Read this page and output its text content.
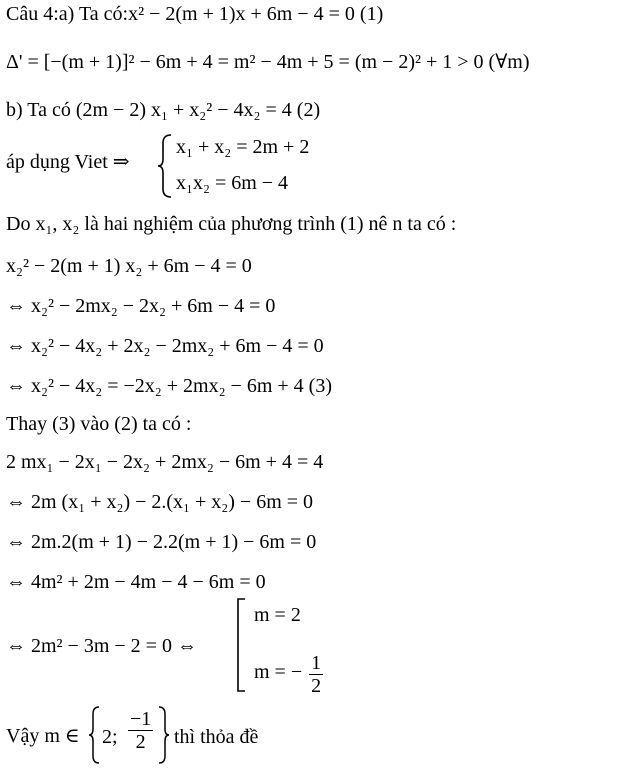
Câu 4:a) Ta có:x² − 2(m + 1)x + 6m − 4 = 0 (1)
Δ' = [−(m + 1)]² − 6m + 4 = m² − 4m + 5 = (m − 2)² + 1 > 0 (∀m)
b) Ta có (2m − 2) x₁ + x₂² − 4x₂ = 4 (2)
áp dụng Viet ⇒
x₁ + x₂ = 2m + 2
x₁x₂ = 6m − 4
Do x₁, x₂ là hai nghiệm của phương trình (1) nê n ta có :
x₂² − 2(m + 1) x₂ + 6m − 4 = 0
⇔ x₂² − 2mx₂ − 2x₂ + 6m − 4 = 0
⇔ x₂² − 4x₂ + 2x₂ − 2mx₂ + 6m − 4 = 0
⇔ x₂² − 4x₂ = −2x₂ + 2mx₂ − 6m + 4 (3)
Thay (3) vào (2) ta có :
2 mx₁ − 2x₁ − 2x₂ + 2mx₂ − 6m + 4 = 4
⇔ 2m (x₁ + x₂) − 2.(x₁ + x₂) − 6m = 0
⇔ 2m.2(m + 1) − 2.2(m + 1) − 6m = 0
⇔ 4m² + 2m − 4m − 4 − 6m = 0
⇔ 2m² − 3m − 2 = 0 ⇔
m = 2
m = − $\frac{1}{2}$
Vậy m ∈ 2; $\frac{-1}{2}$ thì thỏa đề
